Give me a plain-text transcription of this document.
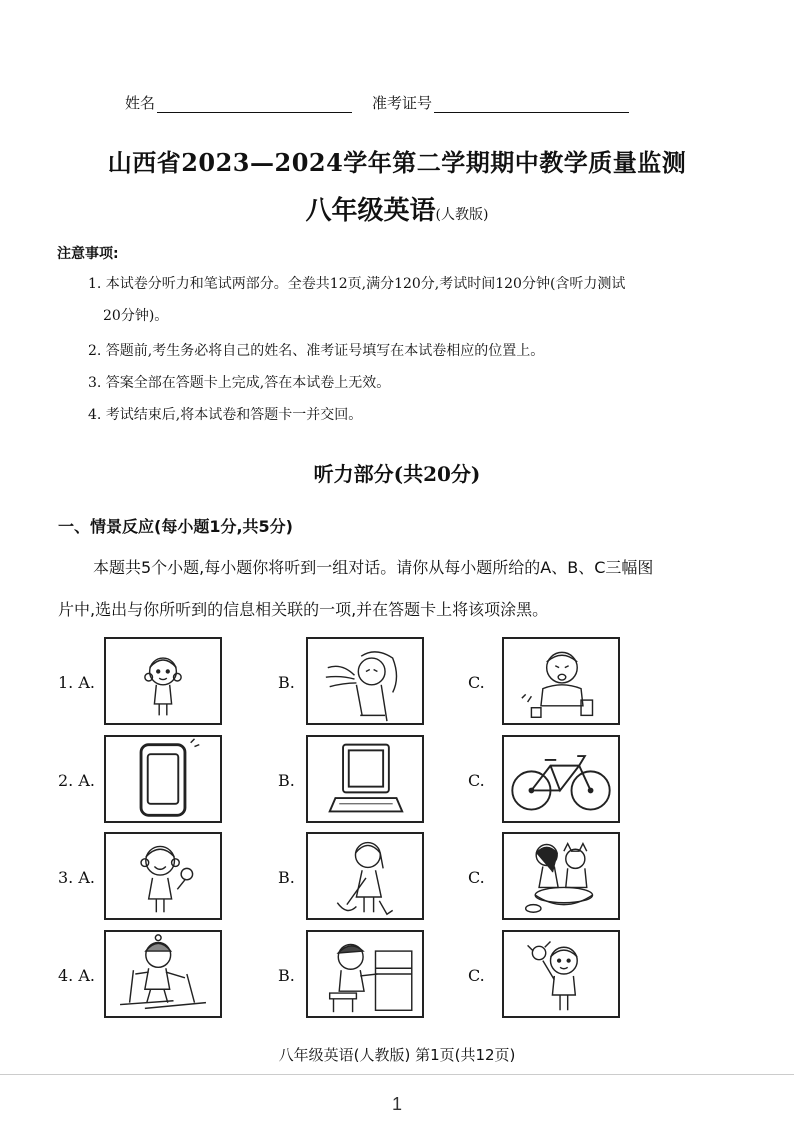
姓名	准考证号
山西省2023—2024学年第二学期期中教学质量监测
八年级英语(人教版)
注意事项:
1. 本试卷分听力和笔试两部分。全卷共12页,满分120分,考试时间120分钟(含听力测试
20分钟)。
2. 答题前,考生务必将自己的姓名、准考证号填写在本试卷相应的位置上。
3. 答案全部在答题卡上完成,答在本试卷上无效。
4. 考试结束后,将本试卷和答题卡一并交回。
听力部分(共20分)
一、情景反应(每小题1分,共5分)
本题共5个小题,每小题你将听到一组对话。请你从每小题所给的A、B、C三幅图
片中,选出与你所听到的信息相关联的一项,并在答题卡上将该项涂黑。
1. A.	B.	C.
2. A.	B.	C.
3. A.	B.	C.
4. A.	B.	C.
八年级英语(人教版) 第1页(共12页)
1
